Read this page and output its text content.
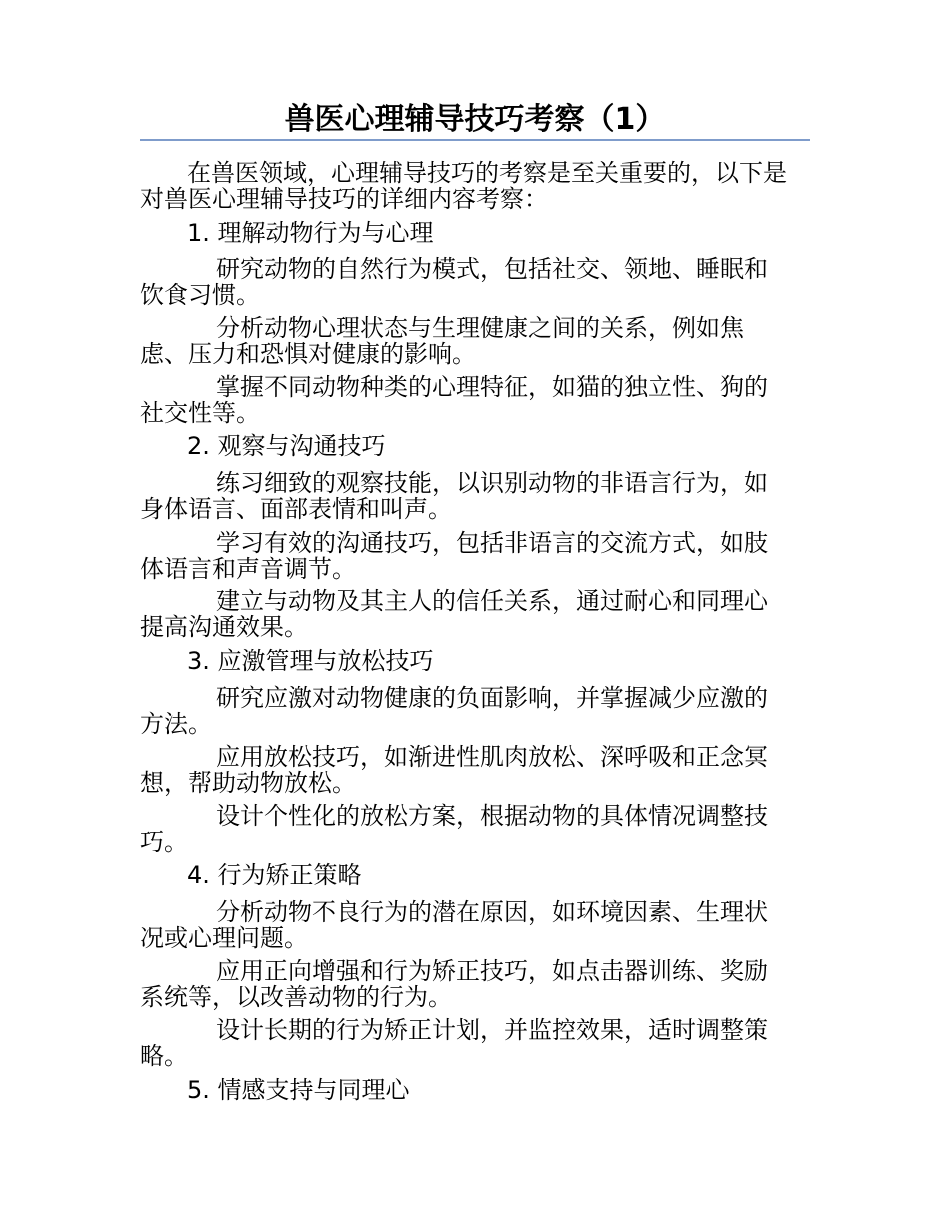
兽医心理辅导技巧考察（1）
在兽医领域，心理辅导技巧的考察是至关重要的，以下是
对兽医心理辅导技巧的详细内容考察：
1. 理解动物行为与心理
研究动物的自然行为模式，包括社交、领地、睡眠和
饮食习惯。
分析动物心理状态与生理健康之间的关系，例如焦
虑、压力和恐惧对健康的影响。
掌握不同动物种类的心理特征，如猫的独立性、狗的
社交性等。
2. 观察与沟通技巧
练习细致的观察技能，以识别动物的非语言行为，如
身体语言、面部表情和叫声。
学习有效的沟通技巧，包括非语言的交流方式，如肢
体语言和声音调节。
建立与动物及其主人的信任关系，通过耐心和同理心
提高沟通效果。
3. 应激管理与放松技巧
研究应激对动物健康的负面影响，并掌握减少应激的
方法。
应用放松技巧，如渐进性肌肉放松、深呼吸和正念冥
想，帮助动物放松。
设计个性化的放松方案，根据动物的具体情况调整技
巧。
4. 行为矫正策略
分析动物不良行为的潜在原因，如环境因素、生理状
况或心理问题。
应用正向增强和行为矫正技巧，如点击器训练、奖励
系统等，以改善动物的行为。
设计长期的行为矫正计划，并监控效果，适时调整策
略。
5. 情感支持与同理心
